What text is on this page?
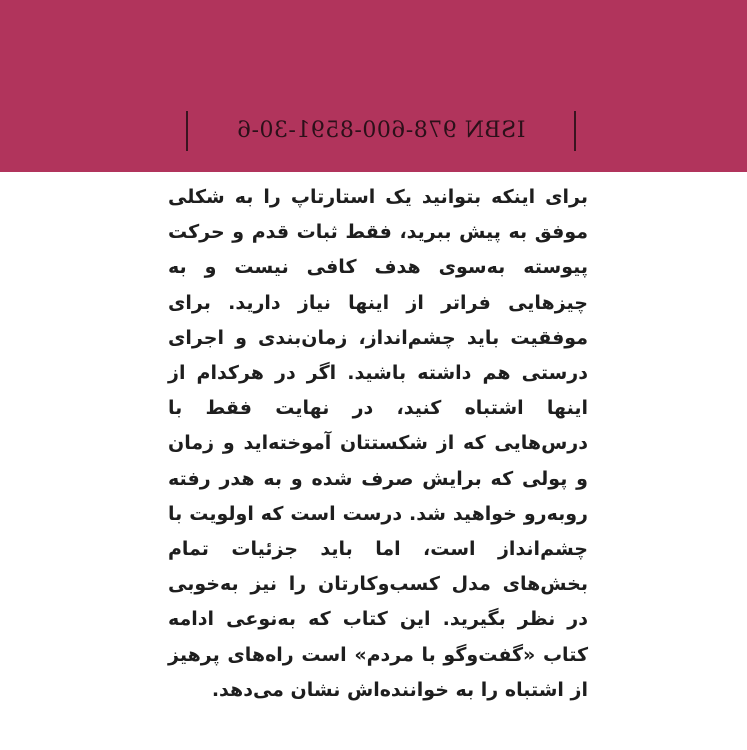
ISBN 978-600-8591-30-6
برای اینکه بتوانید یک استارتاپ را به شکلی موفق به پیش ببرید، فقط ثبات قدم و حرکت پیوسته به‌سوی هدف کافی نیست و به چیزهایی فراتر از اینها نیاز دارید. برای موفقیت باید چشم‌انداز، زمان‌بندی و اجرای درستی هم داشته باشید. اگر در هرکدام از اینها اشتباه کنید، در نهایت فقط با درس‌هایی که از شکستتان آموخته‌اید و زمان و پولی که برایش صرف شده و به هدر رفته روبه‌رو خواهید شد. درست است که اولویت با چشم‌انداز است، اما باید جزئیات تمام بخش‌های مدل کسب‌وکارتان را نیز به‌خوبی در نظر بگیرید. این کتاب که به‌نوعی ادامه کتاب «گفت‌وگو با مردم» است راه‌های پرهیز از اشتباه را به خواننده‌اش نشان می‌دهد.
